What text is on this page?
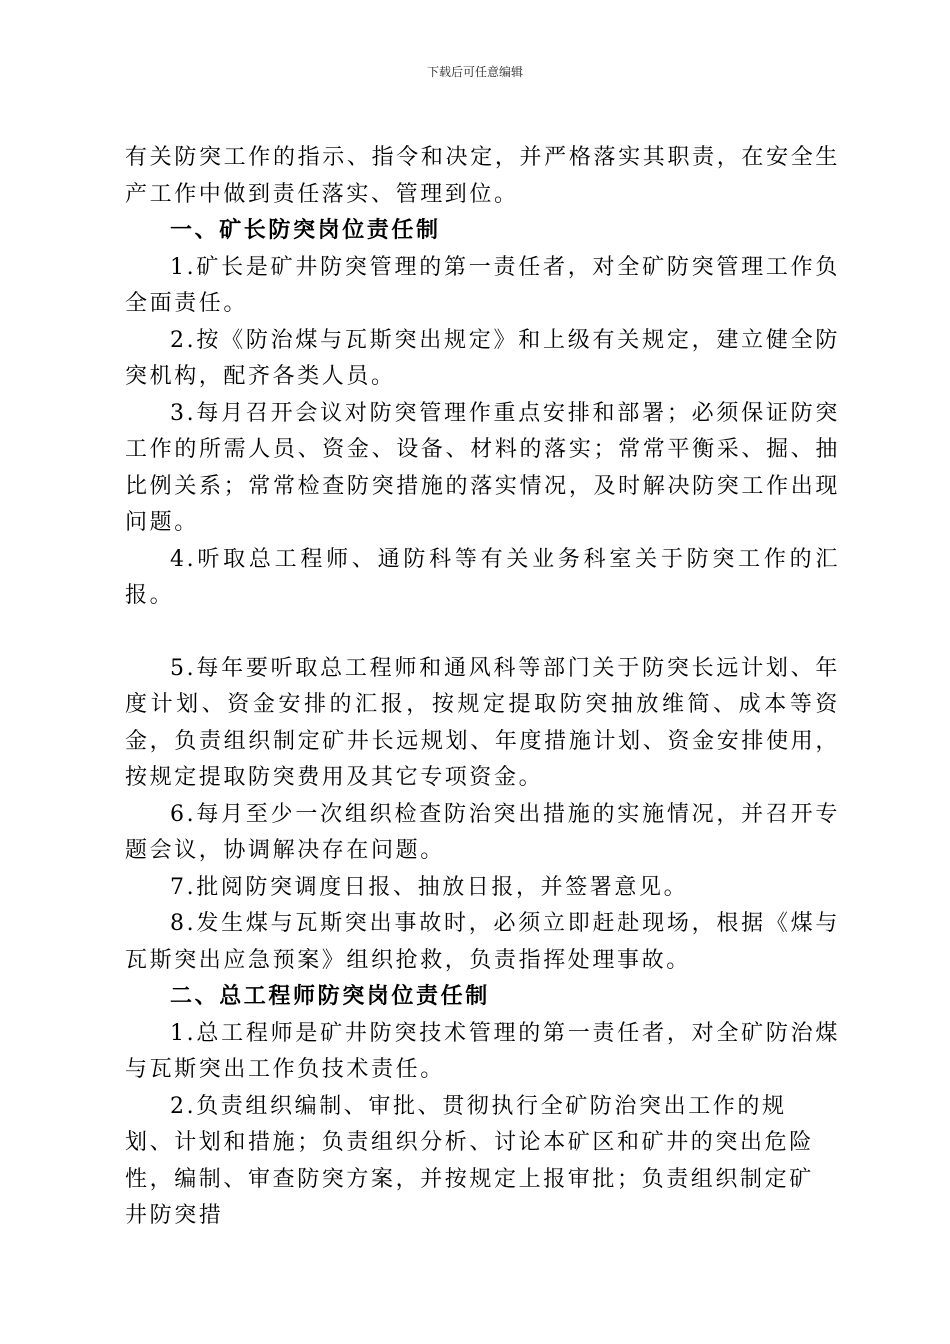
下载后可任意编辑

有关防突工作的指示、指令和决定，并严格落实其职责，在安全生产工作中做到责任落实、管理到位。

一、矿长防突岗位责任制

1.矿长是矿井防突管理的第一责任者，对全矿防突管理工作负全面责任。

2.按《防治煤与瓦斯突出规定》和上级有关规定，建立健全防突机构，配齐各类人员。

3.每月召开会议对防突管理作重点安排和部署；必须保证防突工作的所需人员、资金、设备、材料的落实；常常平衡采、掘、抽比例关系；常常检查防突措施的落实情况，及时解决防突工作出现问题。

4.听取总工程师、通防科等有关业务科室关于防突工作的汇报。

5.每年要听取总工程师和通风科等部门关于防突长远计划、年度计划、资金安排的汇报，按规定提取防突抽放维简、成本等资金，负责组织制定矿井长远规划、年度措施计划、资金安排使用，按规定提取防突费用及其它专项资金。

6.每月至少一次组织检查防治突出措施的实施情况，并召开专题会议，协调解决存在问题。

7.批阅防突调度日报、抽放日报，并签署意见。

8.发生煤与瓦斯突出事故时，必须立即赶赴现场，根据《煤与瓦斯突出应急预案》组织抢救，负责指挥处理事故。

二、总工程师防突岗位责任制

1.总工程师是矿井防突技术管理的第一责任者，对全矿防治煤与瓦斯突出工作负技术责任。

2.负责组织编制、审批、贯彻执行全矿防治突出工作的规划、计划和措施；负责组织分析、讨论本矿区和矿井的突出危险性，编制、审查防突方案，并按规定上报审批；负责组织制定矿井防突措
